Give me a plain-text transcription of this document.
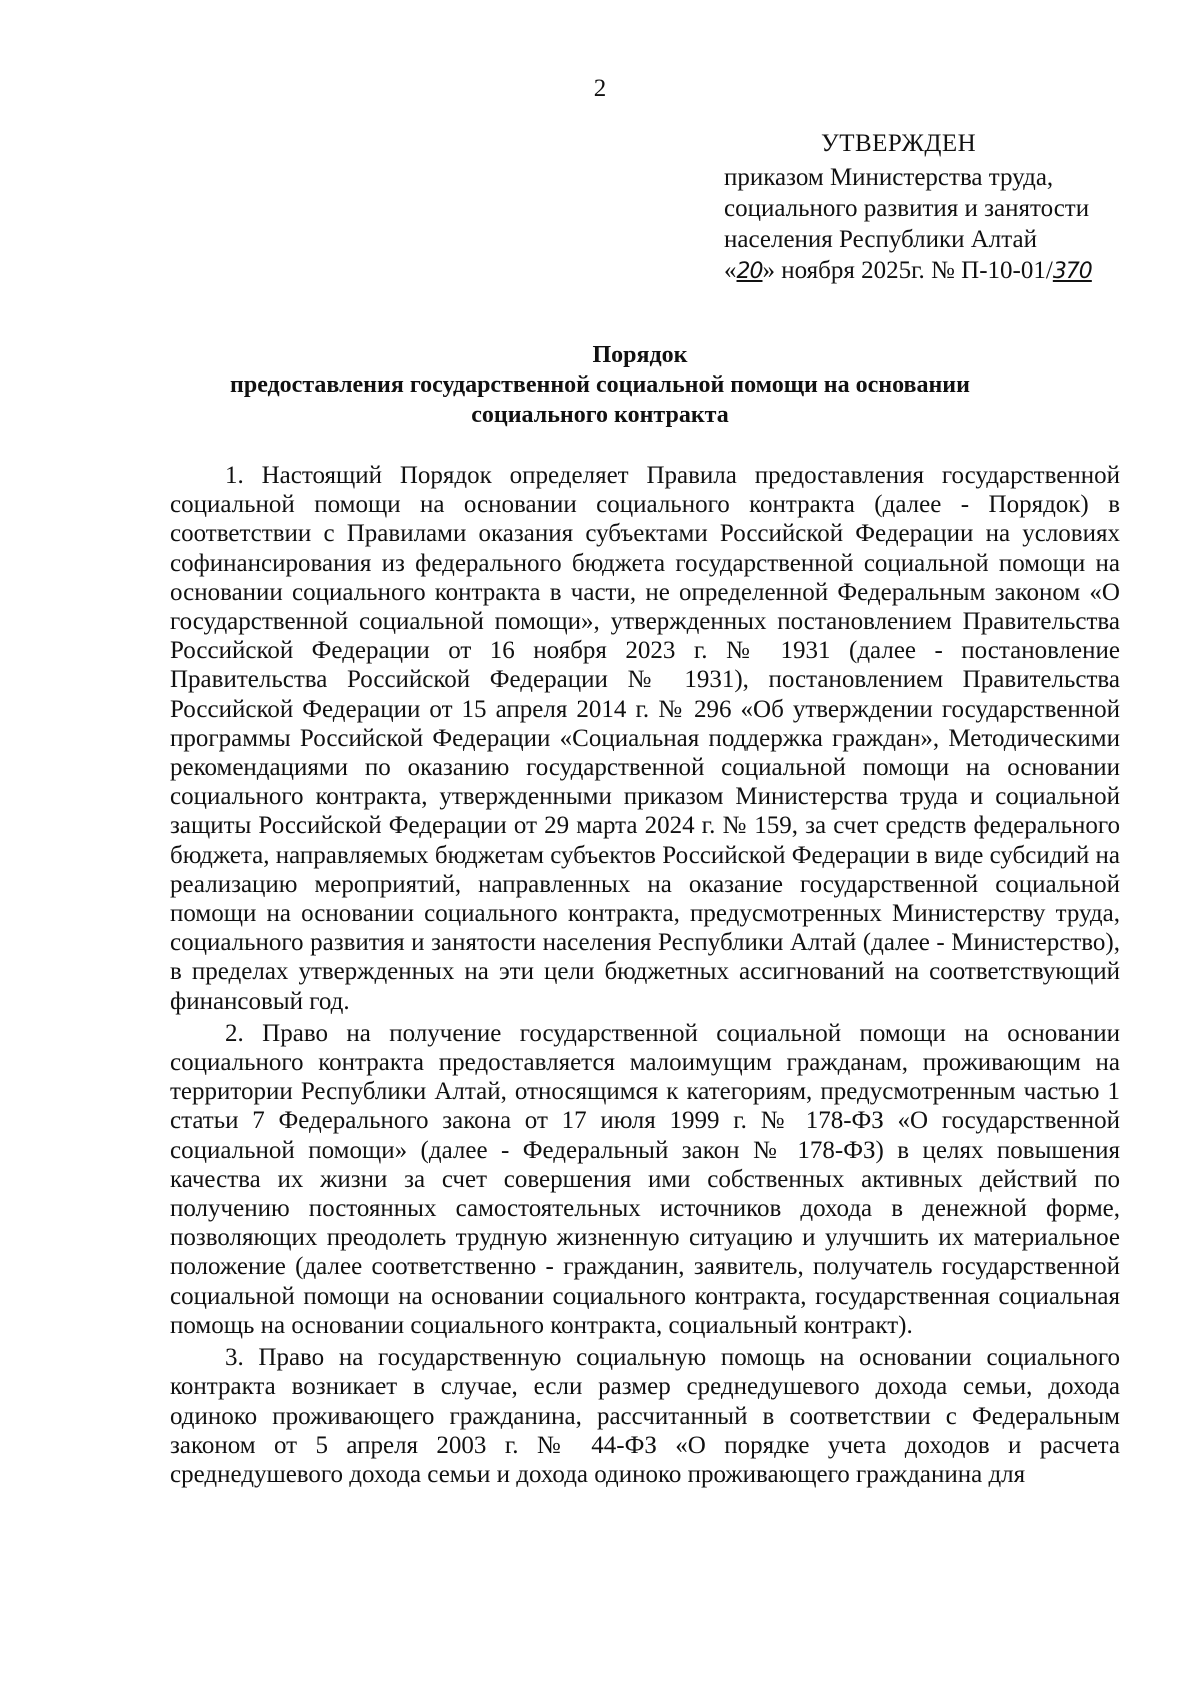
2
УТВЕРЖДЕН
приказом Министерства труда,
социального развития и занятости
населения Республики Алтай
«20» ноября 2025г. № П-10-01/370
Порядок
предоставления государственной социальной помощи на основании
социального контракта

1. Настоящий Порядок определяет Правила предоставления государственной социальной помощи на основании социального контракта (далее - Порядок) в соответствии с Правилами оказания субъектами Российской Федерации на условиях софинансирования из федерального бюджета государственной социальной помощи на основании социального контракта в части, не определенной Федеральным законом «О государственной социальной помощи», утвержденных постановлением Правительства Российской Федерации от 16 ноября 2023 г. № 1931 (далее - постановление Правительства Российской Федерации № 1931), постановлением Правительства Российской Федерации от 15 апреля 2014 г. № 296 «Об утверждении государственной программы Российской Федерации «Социальная поддержка граждан», Методическими рекомендациями по оказанию государственной социальной помощи на основании социального контракта, утвержденными приказом Министерства труда и социальной защиты Российской Федерации от 29 марта 2024 г. № 159, за счет средств федерального бюджета, направляемых бюджетам субъектов Российской Федерации в виде субсидий на реализацию мероприятий, направленных на оказание государственной социальной помощи на основании социального контракта, предусмотренных Министерству труда, социального развития и занятости населения Республики Алтай (далее - Министерство), в пределах утвержденных на эти цели бюджетных ассигнований на соответствующий финансовый год.

2. Право на получение государственной социальной помощи на основании социального контракта предоставляется малоимущим гражданам, проживающим на территории Республики Алтай, относящимся к категориям, предусмотренным частью 1 статьи 7 Федерального закона от 17 июля 1999 г. № 178-ФЗ «О государственной социальной помощи» (далее - Федеральный закон № 178-ФЗ) в целях повышения качества их жизни за счет совершения ими собственных активных действий по получению постоянных самостоятельных источников дохода в денежной форме, позволяющих преодолеть трудную жизненную ситуацию и улучшить их материальное положение (далее соответственно - гражданин, заявитель, получатель государственной социальной помощи на основании социального контракта, государственная социальная помощь на основании социального контракта, социальный контракт).

3. Право на государственную социальную помощь на основании социального контракта возникает в случае, если размер среднедушевого дохода семьи, дохода одиноко проживающего гражданина, рассчитанный в соответствии с Федеральным законом от 5 апреля 2003 г. № 44-ФЗ «О порядке учета доходов и расчета среднедушевого дохода семьи и дохода одиноко проживающего гражданина для
